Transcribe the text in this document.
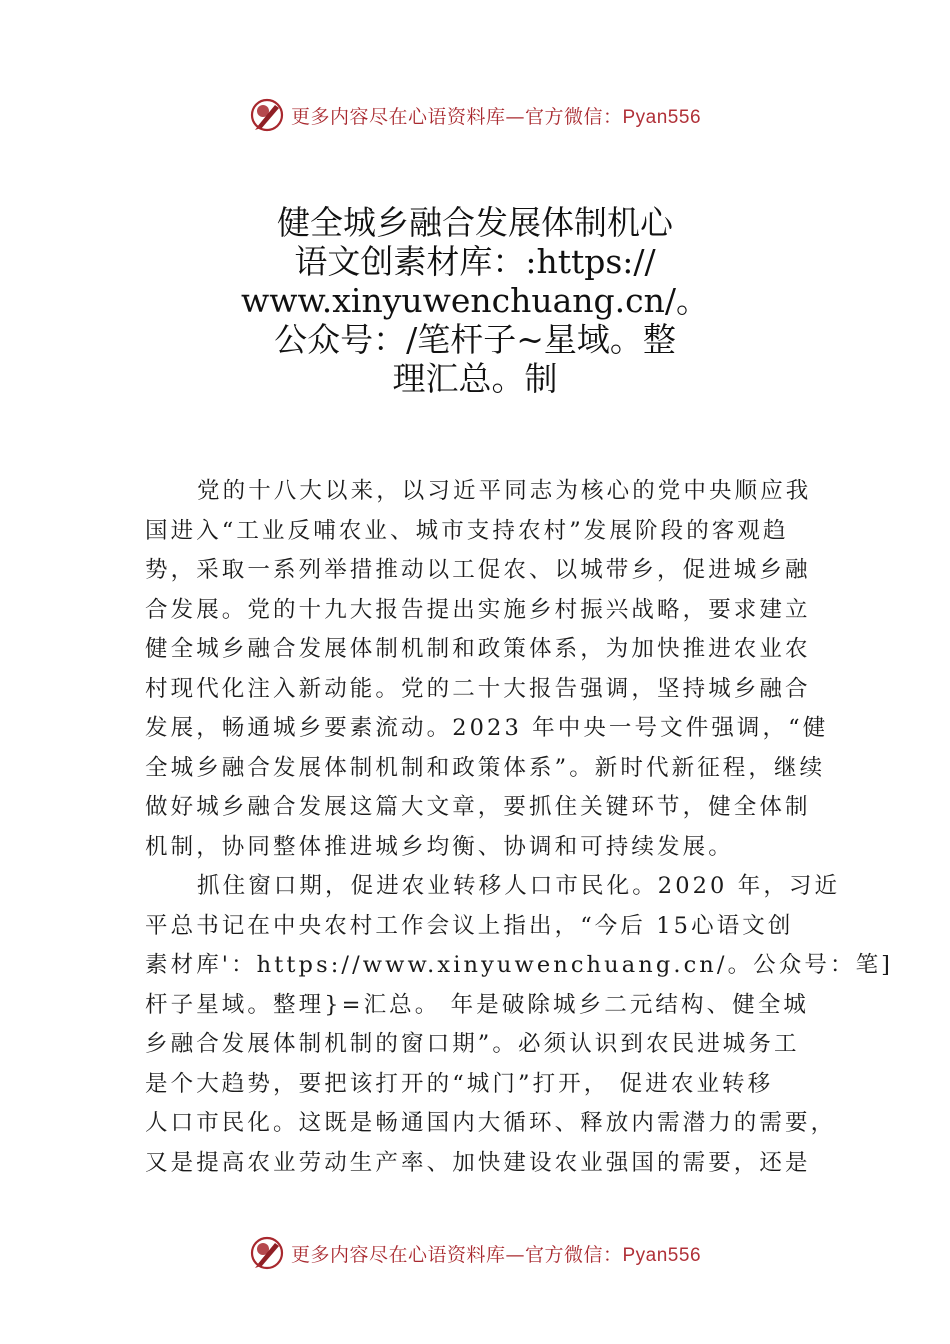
更多内容尽在心语资料库—官方微信：Pyan556
健全城乡融合发展体制机心
语文创素材库：:https://
www.xinyuwenchuang.cn/。
公众号：/笔杆子~星域。整
理汇总。制
党的十八大以来，以习近平同志为核心的党中央顺应我
国进入“工业反哺农业、城市支持农村”发展阶段的客观趋
势，采取一系列举措推动以工促农、以城带乡，促进城乡融
合发展。党的十九大报告提出实施乡村振兴战略，要求建立
健全城乡融合发展体制机制和政策体系，为加快推进农业农
村现代化注入新动能。党的二十大报告强调，坚持城乡融合
发展，畅通城乡要素流动。2023 年中央一号文件强调，“健
全城乡融合发展体制机制和政策体系”。新时代新征程，继续
做好城乡融合发展这篇大文章，要抓住关键环节，健全体制
机制，协同整体推进城乡均衡、协调和可持续发展。
抓住窗口期，促进农业转移人口市民化。2020 年，习近
平总书记在中央农村工作会议上指出，“今后 15心语文创
素材库'：https://www.xinyuwenchuang.cn/。公众号：笔]
杆子星域。整理}=汇总。 年是破除城乡二元结构、健全城
乡融合发展体制机制的窗口期”。必须认识到农民进城务工
是个大趋势，要把该打开的“城门”打开， 促进农业转移
人口市民化。这既是畅通国内大循环、释放内需潜力的需要，
又是提高农业劳动生产率、加快建设农业强国的需要，还是
更多内容尽在心语资料库—官方微信：Pyan556
